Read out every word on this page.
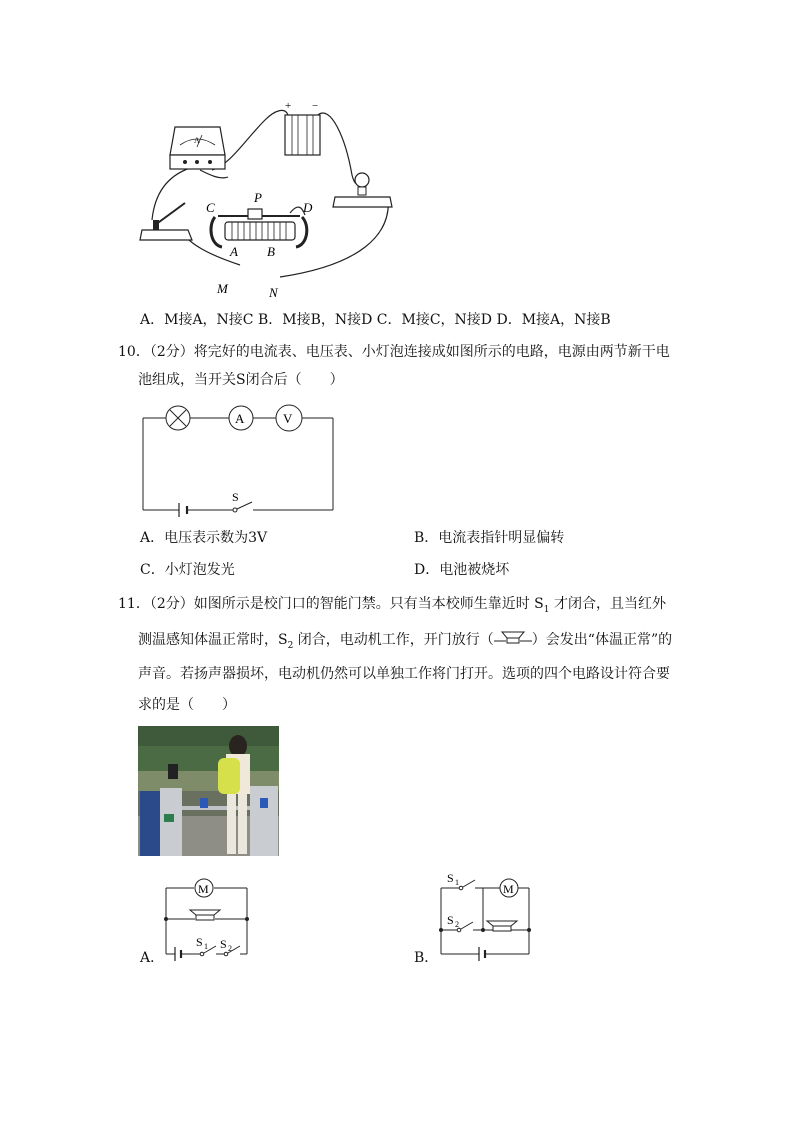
A
+ −
P
C	D
A B
M	N
A．M接A，N接C B．M接B，N接D C．M接C，N接D D．M接A，N接B
10．（2分）将完好的电流表、电压表、小灯泡连接成如图所示的电路，电源由两节新干电
池组成，当开关S闭合后（　　）
S
A	V
A．电压表示数为3V	B．电流表指针明显偏转
C．小灯泡发光	D．电池被烧坏
11．（2分）如图所示是校门口的智能门禁。只有当本校师生靠近时 $S_1$ 才闭合，且当红外
测温感知体温正常时，$S_2$ 闭合，电动机工作，开门放行（	）会发出“体温正常”的
声音。若扬声器损坏，电动机仍然可以单独工作将门打开。选项的四个电路设计符合要
求的是（　　）
A．
M
S 1 S 2
B．
M
S 1
S 2
